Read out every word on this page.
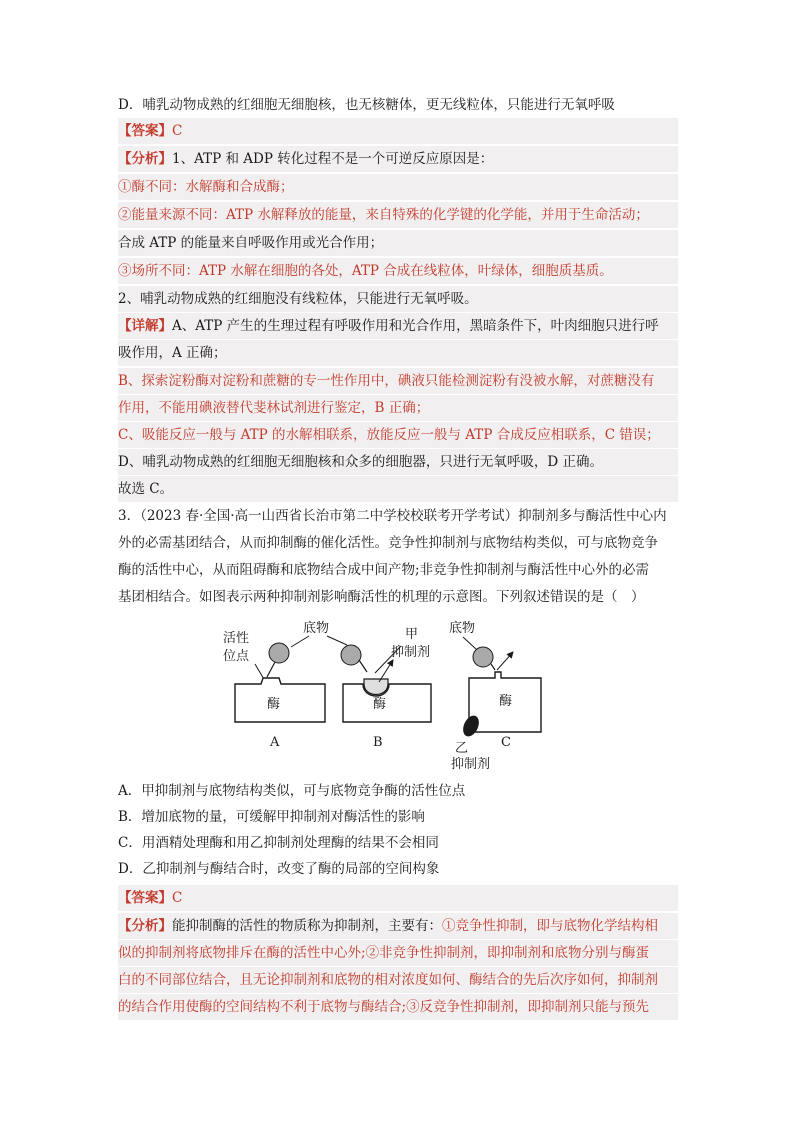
D．哺乳动物成熟的红细胞无细胞核，也无核糖体，更无线粒体，只能进行无氧呼吸
【答案】C
【分析】1、ATP 和 ADP 转化过程不是一个可逆反应原因是：
①酶不同：水解酶和合成酶；
②能量来源不同：ATP 水解释放的能量，来自特殊的化学键的化学能，并用于生命活动；
合成 ATP 的能量来自呼吸作用或光合作用；
③场所不同：ATP 水解在细胞的各处，ATP 合成在线粒体，叶绿体，细胞质基质。
2、哺乳动物成熟的红细胞没有线粒体，只能进行无氧呼吸。
【详解】A、ATP 产生的生理过程有呼吸作用和光合作用，黑暗条件下，叶肉细胞只进行呼
吸作用，A 正确；
B、探索淀粉酶对淀粉和蔗糖的专一性作用中，碘液只能检测淀粉有没被水解，对蔗糖没有
作用，不能用碘液替代斐林试剂进行鉴定，B 正确；
C、吸能反应一般与 ATP 的水解相联系，放能反应一般与 ATP 合成反应相联系，C 错误；
D、哺乳动物成熟的红细胞无细胞核和众多的细胞器，只进行无氧呼吸，D 正确。
故选 C。
3．（2023 春·全国·高一山西省长治市第二中学校校联考开学考试）抑制剂多与酶活性中心内
外的必需基团结合，从而抑制酶的催化活性。竞争性抑制剂与底物结构类似，可与底物竞争
酶的活性中心，从而阻碍酶和底物结合成中间产物;非竞争性抑制剂与酶活性中心外的必需
基团相结合。如图表示两种抑制剂影响酶活性的机理的示意图。下列叙述错误的是（　）
活性
位点
底物	甲
抑制剂
底物
酶
A
酶
B
酶
C
乙
抑制剂
A．甲抑制剂与底物结构类似，可与底物竞争酶的活性位点
B．增加底物的量，可缓解甲抑制剂对酶活性的影响
C．用酒精处理酶和用乙抑制剂处理酶的结果不会相同
D．乙抑制剂与酶结合时，改变了酶的局部的空间构象
【答案】C
【分析】能抑制酶的活性的物质称为抑制剂，主要有：①竞争性抑制，即与底物化学结构相
似的抑制剂将底物排斥在酶的活性中心外;②非竞争性抑制剂，即抑制剂和底物分别与酶蛋
白的不同部位结合，且无论抑制剂和底物的相对浓度如何、酶结合的先后次序如何，抑制剂
的结合作用使酶的空间结构不利于底物与酶结合;③反竞争性抑制剂，即抑制剂只能与预先
